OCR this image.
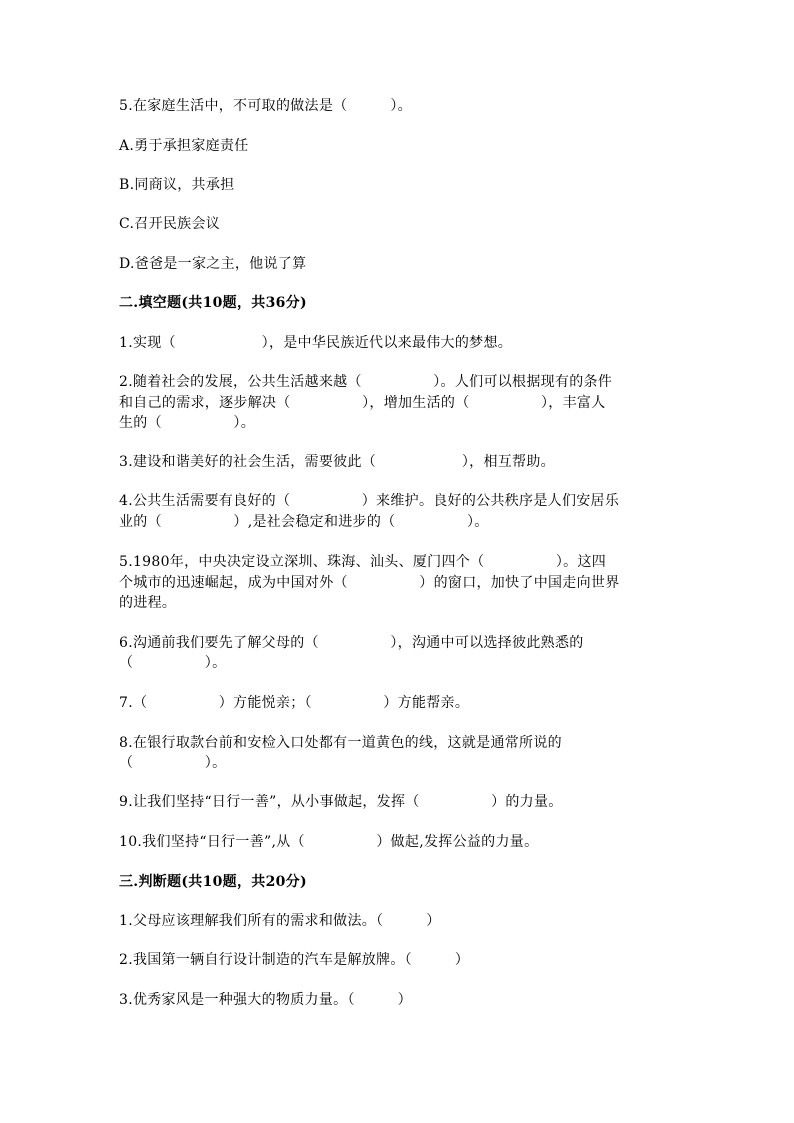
5.在家庭生活中，不可取的做法是（　　　）。
A.勇于承担家庭责任
B.同商议，共承担
C.召开民族会议
D.爸爸是一家之主，他说了算
二.填空题(共10题，共36分)
1.实现（　　　　　　），是中华民族近代以来最伟大的梦想。
2.随着社会的发展，公共生活越来越（　　　　　）。人们可以根据现有的条件
和自己的需求，逐步解决（　　　　　），增加生活的（　　　　　），丰富人
生的（　　　　　）。
3.建设和谐美好的社会生活，需要彼此（　　　　　　），相互帮助。
4.公共生活需要有良好的（　　　　　）来维护。良好的公共秩序是人们安居乐
业的（　　　　　）,是社会稳定和进步的（　　　　　）。
5.1980年，中央决定设立深圳、珠海、汕头、厦门四个（　　　　　）。这四
个城市的迅速崛起，成为中国对外（　　　　　）的窗口，加快了中国走向世界
的进程。
6.沟通前我们要先了解父母的（　　　　　），沟通中可以选择彼此熟悉的
（　　　　　）。
7.（　　　　　）方能悦亲；（　　　　　）方能帮亲。
8.在银行取款台前和安检入口处都有一道黄色的线，这就是通常所说的
（　　　　　）。
9.让我们坚持“日行一善”，从小事做起，发挥（　　　　　）的力量。
10.我们坚持“日行一善”,从（　　　　　）做起,发挥公益的力量。
三.判断题(共10题，共20分)
1.父母应该理解我们所有的需求和做法。（　　　）
2.我国第一辆自行设计制造的汽车是解放牌。（　　　）
3.优秀家风是一种强大的物质力量。（　　　）
